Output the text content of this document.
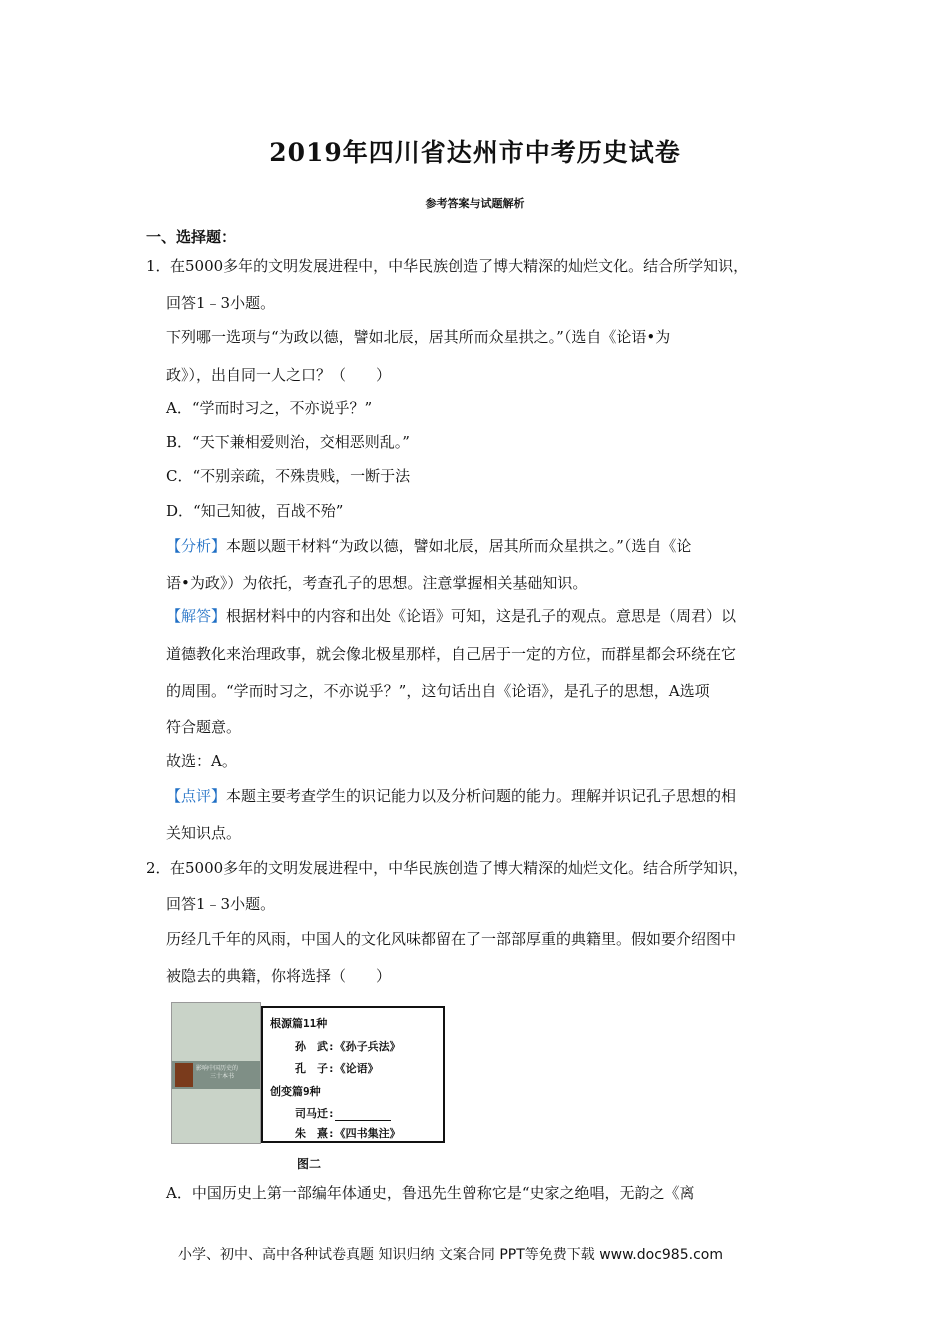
2019年四川省达州市中考历史试卷
参考答案与试题解析
一、选择题：
1． 在5000多年的文明发展进程中，中华民族创造了博大精深的灿烂文化。结合所学知识，
回答1﹣3小题。
下列哪一选项与“为政以德，譬如北辰，居其所而众星拱之。”（选自《论语•为
政》），出自同一人之口？（　　）
A．“学而时习之，不亦说乎？”
B．“天下兼相爱则治，交相恶则乱。”
C．“不别亲疏，不殊贵贱，一断于法
D．“知己知彼，百战不殆”
【分析】本题以题干材料“为政以德，譬如北辰，居其所而众星拱之。”（选自《论
语•为政》）为依托，考查孔子的思想。注意掌握相关基础知识。
【解答】根据材料中的内容和出处《论语》可知，这是孔子的观点。意思是（周君）以
道德教化来治理政事，就会像北极星那样，自己居于一定的方位，而群星都会环绕在它
的周围。“学而时习之，不亦说乎？”，这句话出自《论语》，是孔子的思想，A选项
符合题意。
故选：A。
【点评】本题主要考查学生的识记能力以及分析问题的能力。理解并识记孔子思想的相
关知识点。
2． 在5000多年的文明发展进程中，中华民族创造了博大精深的灿烂文化。结合所学知识，
回答1﹣3小题。
历经几千年的风雨，中国人的文化风味都留在了一部部厚重的典籍里。假如要介绍图中
被隐去的典籍，你将选择（　　）
影响中国历史的
三十本书
根源篇11种
孙　武:《孙子兵法》
孔　子:《论语》
创变篇9种
司马迁:
朱　熹:《四书集注》
图二
A．中国历史上第一部编年体通史，鲁迅先生曾称它是“史家之绝唱，无韵之《离
小学、初中、高中各种试卷真题 知识归纳 文案合同 PPT等免费下载 www.doc985.com
